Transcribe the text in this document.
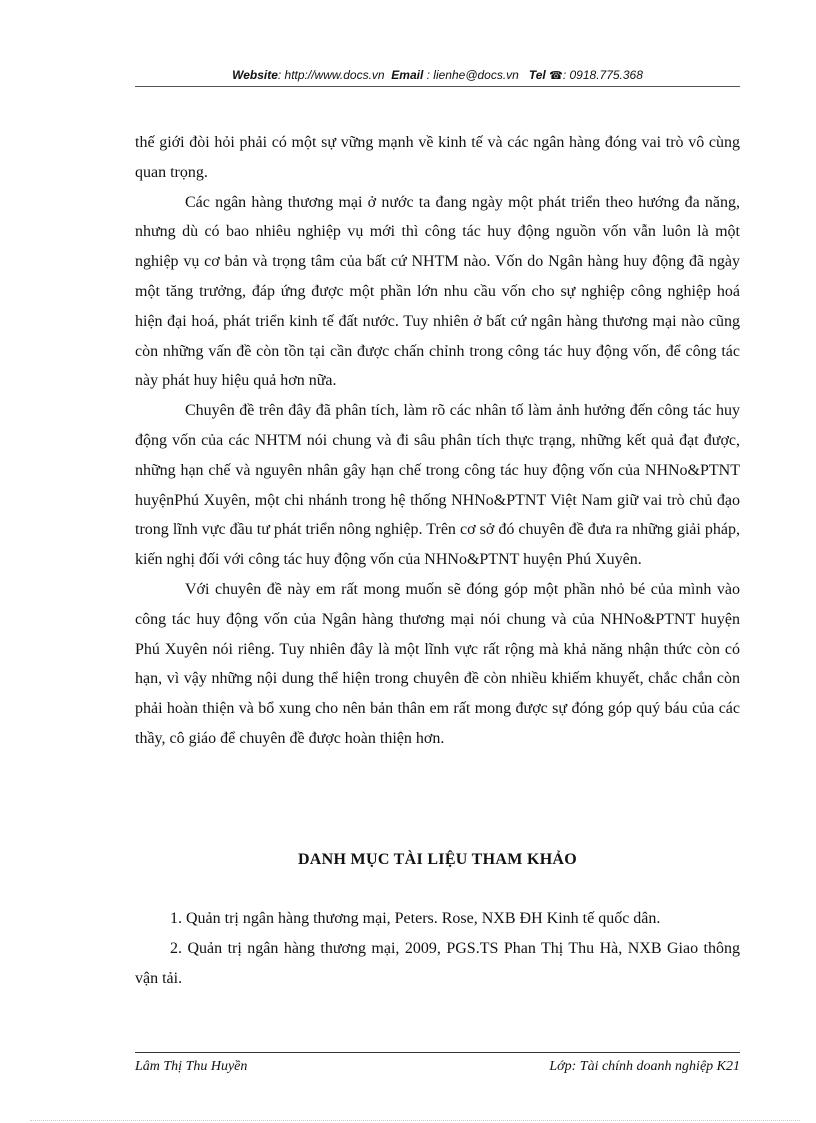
Website: http://www.docs.vn Email : lienhe@docs.vn Tel ☎: 0918.775.368

thế giới đòi hỏi phải có một sự vững mạnh về kinh tế và các ngân hàng đóng vai trò vô cùng quan trọng.

Các ngân hàng thương mại ở nước ta đang ngày một phát triển theo hướng đa năng, nhưng dù có bao nhiêu nghiệp vụ mới thì công tác huy động nguồn vốn vẫn luôn là một nghiệp vụ cơ bản và trọng tâm của bất cứ NHTM nào. Vốn do Ngân hàng huy động đã ngày một tăng trưởng, đáp ứng được một phần lớn nhu cầu vốn cho sự nghiệp công nghiệp hoá hiện đại hoá, phát triển kinh tế đất nước. Tuy nhiên ở bất cứ ngân hàng thương mại nào cũng còn những vấn đề còn tồn tại cần được chấn chỉnh trong công tác huy động vốn, để công tác này phát huy hiệu quả hơn nữa.

Chuyên đề trên đây đã phân tích, làm rõ các nhân tố làm ảnh hưởng đến công tác huy động vốn của các NHTM nói chung và đi sâu phân tích thực trạng, những kết quả đạt được, những hạn chế và nguyên nhân gây hạn chế trong công tác huy động vốn của NHNo&PTNT huyệnPhú Xuyên, một chi nhánh trong hệ thống NHNo&PTNT Việt Nam giữ vai trò chủ đạo trong lĩnh vực đầu tư phát triển nông nghiệp. Trên cơ sở đó chuyên đề đưa ra những giải pháp, kiến nghị đối với công tác huy động vốn của NHNo&PTNT huyện Phú Xuyên.

Với chuyên đề này em rất mong muốn sẽ đóng góp một phần nhỏ bé của mình vào công tác huy động vốn của Ngân hàng thương mại nói chung và của NHNo&PTNT huyện Phú Xuyên nói riêng. Tuy nhiên đây là một lĩnh vực rất rộng mà khả năng nhận thức còn có hạn, vì vậy những nội dung thể hiện trong chuyên đề còn nhiều khiếm khuyết, chắc chắn còn phải hoàn thiện và bổ xung cho nên bản thân em rất mong được sự đóng góp quý báu của các thầy, cô giáo để chuyên đề được hoàn thiện hơn.

DANH MỤC TÀI LIỆU THAM KHẢO

1. Quản trị ngân hàng thương mại, Peters. Rose, NXB ĐH Kinh tế quốc dân.

2. Quản trị ngân hàng thương mại, 2009, PGS.TS Phan Thị Thu Hà, NXB Giao thông vận tải.

Lâm Thị Thu Huyền	Lớp: Tài chính doanh nghiệp K21
